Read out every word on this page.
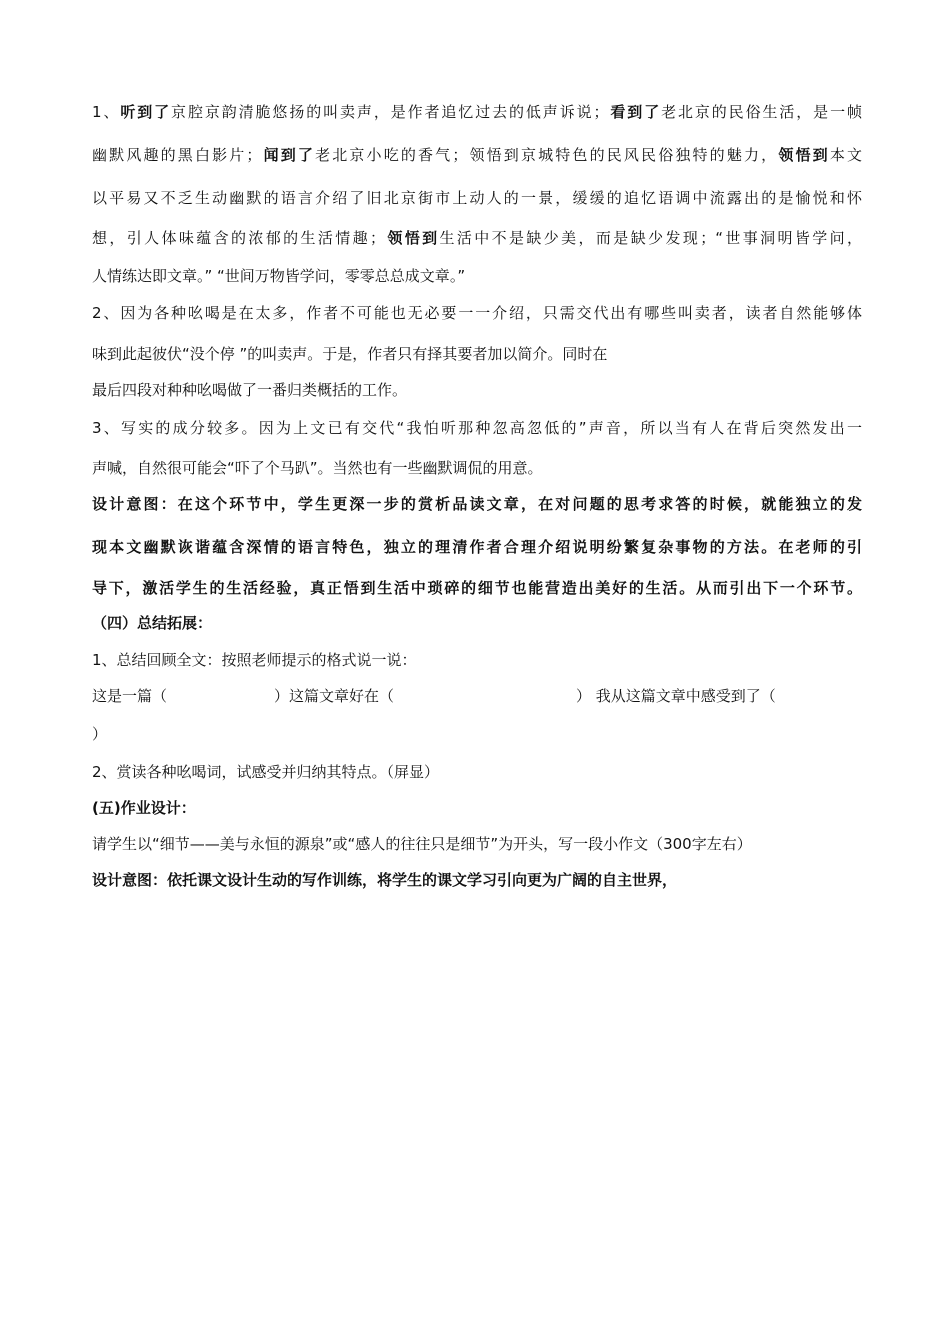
1、听到了京腔京韵清脆悠扬的叫卖声，是作者追忆过去的低声诉说；看到了老北京的民俗生活，是一帧
幽默风趣的黑白影片；闻到了老北京小吃的香气；领悟到京城特色的民风民俗独特的魅力，领悟到本文
以平易又不乏生动幽默的语言介绍了旧北京街市上动人的一景，缓缓的追忆语调中流露出的是愉悦和怀
想，引人体味蕴含的浓郁的生活情趣；领悟到生活中不是缺少美，而是缺少发现；“世事洞明皆学问，
人情练达即文章。” “世间万物皆学问，零零总总成文章。”
2、因为各种吆喝是在太多，作者不可能也无必要一一介绍，只需交代出有哪些叫卖者，读者自然能够体
味到此起彼伏“没个停 ”的叫卖声。于是，作者只有择其要者加以简介。同时在
最后四段对种种吆喝做了一番归类概括的工作。
3、写实的成分较多。因为上文已有交代“我怕听那种忽高忽低的”声音，所以当有人在背后突然发出一
声喊，自然很可能会“吓了个马趴”。当然也有一些幽默调侃的用意。
设计意图：在这个环节中，学生更深一步的赏析品读文章，在对问题的思考求答的时候，就能独立的发
现本文幽默诙谐蕴含深情的语言特色，独立的理清作者合理介绍说明纷繁复杂事物的方法。在老师的引
导下，激活学生的生活经验，真正悟到生活中琐碎的细节也能营造出美好的生活。从而引出下一个环节。
（四）总结拓展：
1、总结回顾全文：按照老师提示的格式说一说：
这是一篇（	）这篇文章好在（	） 我从这篇文章中感受到了（
）
2、赏读各种吆喝词，试感受并归纳其特点。（屏显）
(五)作业设计：
请学生以“细节——美与永恒的源泉”或“感人的往往只是细节”为开头，写一段小作文（300字左右）
设计意图：依托课文设计生动的写作训练，将学生的课文学习引向更为广阔的自主世界，
